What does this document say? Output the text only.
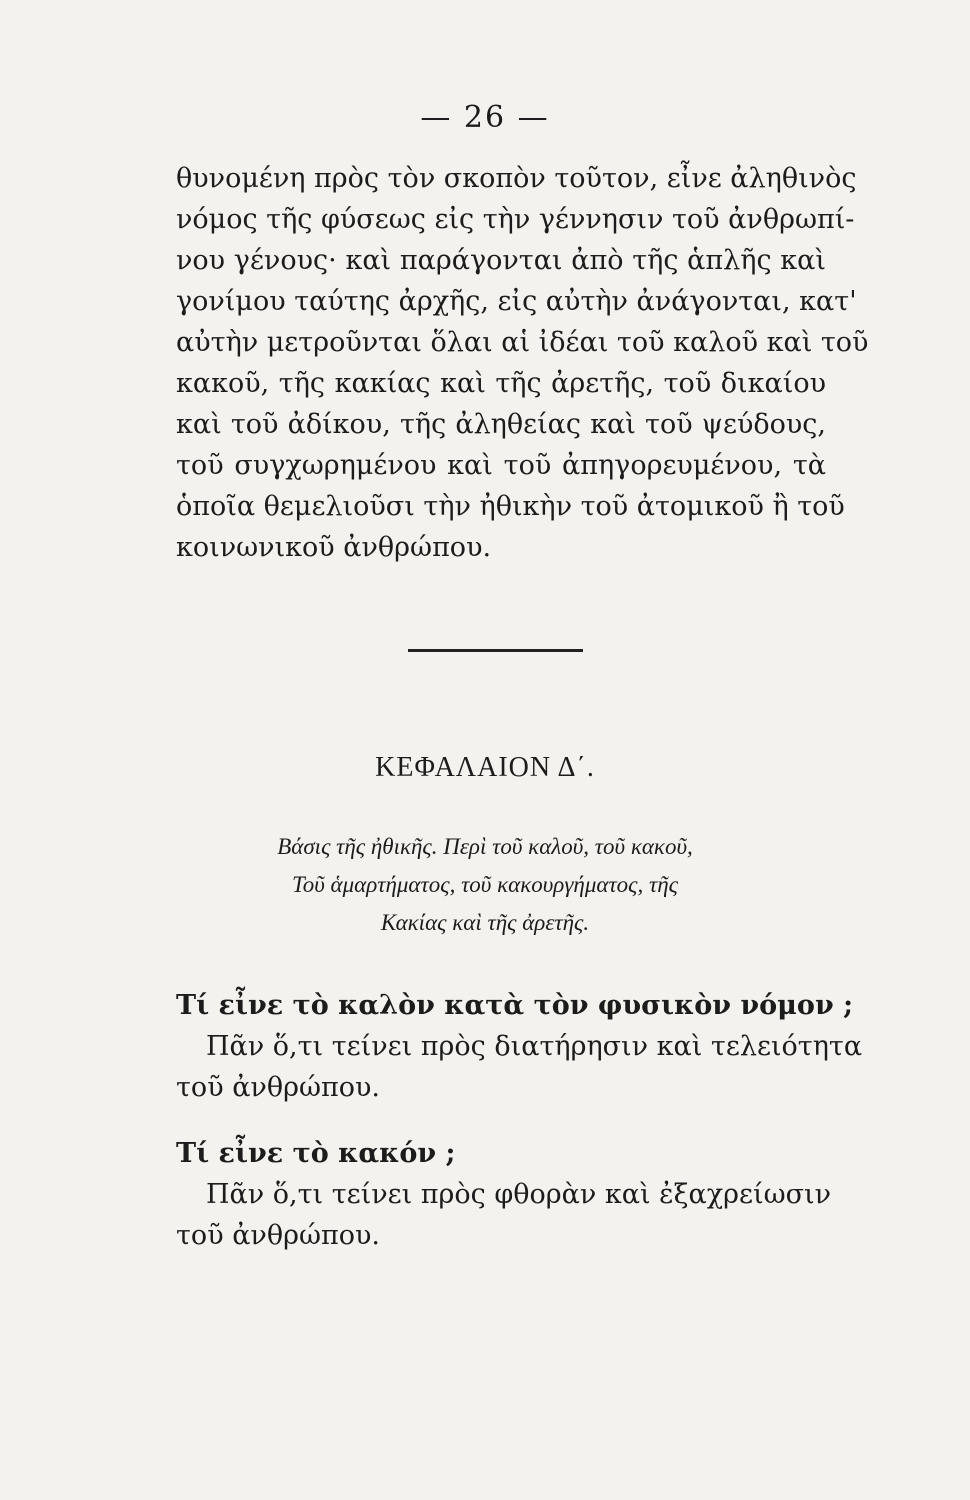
— 26 —
θυνομένη πρὸς τὸν σκοπὸν τοῦτον, εἶνε ἀληθινὸς
νόμος τῆς φύσεως εἰς τὴν γέννησιν τοῦ ἀνθρωπί-
νου γένους· καὶ παράγονται ἀπὸ τῆς ἁπλῆς καὶ
γονίμου ταύτης ἀρχῆς, εἰς αὐτὴν ἀνάγονται, κατ'
αὐτὴν μετροῦνται ὅλαι αἱ ἰδέαι τοῦ καλοῦ καὶ τοῦ
κακοῦ, τῆς κακίας καὶ τῆς ἀρετῆς, τοῦ δικαίου
καὶ τοῦ ἀδίκου, τῆς ἀληθείας καὶ τοῦ ψεύδους,
τοῦ συγχωρημένου καὶ τοῦ ἀπηγορευμένου, τὰ
ὁποῖα θεμελιοῦσι τὴν ἠθικὴν τοῦ ἀτομικοῦ ἢ τοῦ
κοινωνικοῦ ἀνθρώπου.
ΚΕΦΑΛΑΙΟΝ Δ΄.
Βάσις τῆς ἠθικῆς. Περὶ τοῦ καλοῦ, τοῦ κακοῦ,
Τοῦ ἁμαρτήματος, τοῦ κακουργήματος, τῆς
Κακίας καὶ τῆς ἀρετῆς.
Τί εἶνε τὸ καλὸν κατὰ τὸν φυσικὸν νόμον ;
Πᾶν ὅ,τι τείνει πρὸς διατήρησιν καὶ τελειότητα
τοῦ ἀνθρώπου.
Τί εἶνε τὸ κακόν ;
Πᾶν ὅ,τι τείνει πρὸς φθορὰν καὶ ἐξαχρείωσιν
τοῦ ἀνθρώπου.
